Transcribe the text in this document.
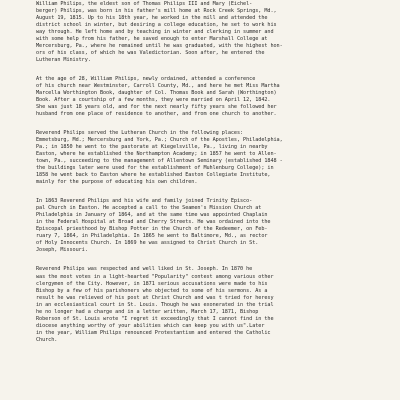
William Philips, the eldest son of Thomas Philips III and Mary (Eichel-
berger) Philips, was born in his father's mill home at Rock Creek Springs, Md.,
August 19, 1815. Up to his 18th year, he worked in the mill and attended the
district school in winter, but desiring a college education, he set to work his
way through. He left home and by teaching in winter and clerking in summer and
with some help from his father, he saved enough to enter Marshall College at
Mercersburg, Pa., where he remained until he was graduated, with the highest hon-
ors of his class, of which he was Valedictorian. Soon after, he entered the
Lutheran Ministry.
At the age of 28, William Philips, newly ordained, attended a conference
of his church near Westminster, Carroll County, Md., and here he met Miss Martha
Marcella Worthington Book, daughter of Col. Thomas Book and Sarah (Worthington)
Book. After a courtship of a few months, they were married on April 12, 1842.
She was just 18 years old, and for the next nearly fifty years she followed her
husband from one place of residence to another, and from one church to another.
Reverend Philips served the Lutheran Church in the following places:
Emmetsburg, Md.; Mercersburg and York, Pa.; Church of the Apostles, Philadelphia,
Pa.; in 1850 he went to the pastorate at Kiegelsville, Pa., living in nearby
Easton, where he established the Northampton Academy; in 1857 he went to Allen-
town, Pa., succeeding to the management of Allentown Seminary (established 1848 -
the buildings later were used for the establishment of Muhlenburg College); in
1858 he went back to Easton where he established Easton Collegiate Institute,
mainly for the purpose of educating his own children.
In 1863 Reverend Philips and his wife and family joined Trinity Episco-
pal Church in Easton. He accepted a call to the Seamen's Mission Church at
Philadelphia in January of 1864, and at the same time was appointed Chaplain
in the Federal Hospital at Broad and Cherry Streets. He was ordained into the
Episcopal priesthood by Bishop Potter in the Church of the Redeemer, on Feb-
ruary 7, 1864, in Philadelphia. In 1865 he went to Baltimore, Md., as rector
of Holy Innocents Church. In 1869 he was assigned to Christ Church in St.
Joseph, Missouri.
Reverend Philips was respected and well liked in St. Joseph. In 1870 he
was the most votes in a light-hearted "Popularity" contest among various other
clergymen of the City. However, in 1871 serious accusations were made to his
Bishop by a few of his parishoners who objected to some of his sermons. As a
result he was relieved of his post at Christ Church and was t tried for heresy
in an ecclesiastical court in St. Louis. Though he was exonerated in the trial
he no longer had a charge and in a letter written, March 17, 1871, Bishop
Roberson of St. Louis wrote "I regret it exceedingly that I cannot find in the
diocese anything worthy of your abilities which can keep you with us".Later
in the year, William Philips renounced Protestantism and entered the Catholic
Church.
